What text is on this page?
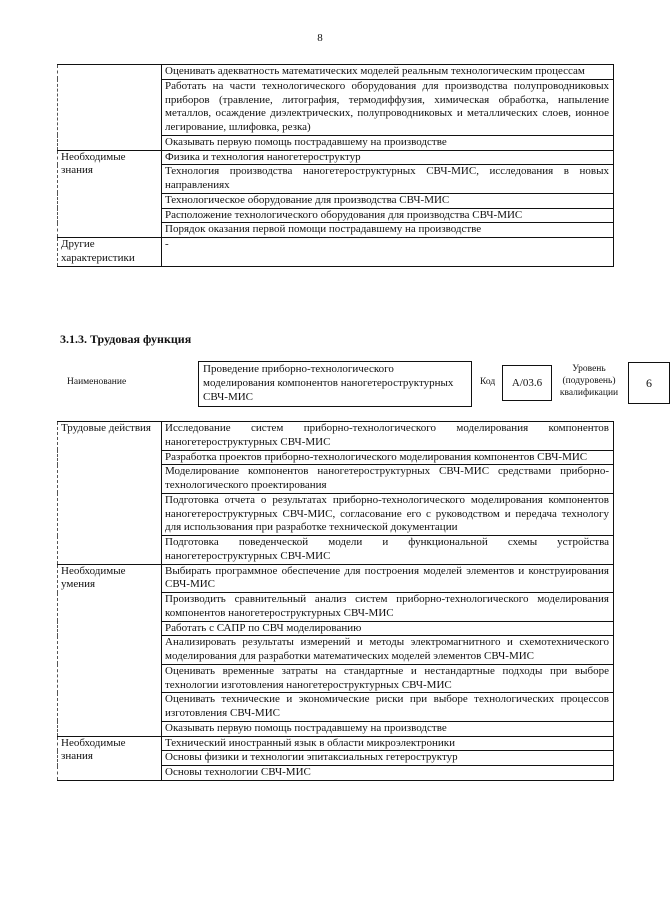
8
	Оценивать адекватность математических моделей реальным технологическим процессам
	Работать на части технологического оборудования для производства полупроводниковых приборов (травление, литография, термодиффузия, химическая обработка, напыление металлов, осаждение диэлектрических, полупроводниковых и металлических слоев, ионное легирование, шлифовка, резка)
	Оказывать первую помощь пострадавшему на производстве
Необходимые знания	Физика и технология наногетероструктур
	Технология производства наногетероструктурных СВЧ-МИС, исследования в новых направлениях
	Технологическое оборудование для производства СВЧ-МИС
	Расположение технологического оборудования для производства СВЧ-МИС
	Порядок оказания первой помощи пострадавшему на производстве
Другие характеристики	-
3.1.3. Трудовая функция
Наименование
Проведение приборно-технологического моделирования компонентов наногетероструктурных СВЧ-МИС
Код	A/03.6
Уровень (подуровень) квалификации
6
Трудовые действия	Исследование систем приборно-технологического моделирования компонентов наногетероструктурных СВЧ-МИС
	Разработка проектов приборно-технологического моделирования компонентов СВЧ-МИС
	Моделирование компонентов наногетероструктурных СВЧ-МИС средствами приборно-технологического проектирования
	Подготовка отчета о результатах приборно-технологического моделирования компонентов наногетероструктурных СВЧ-МИС, согласование его с руководством и передача технологу для использования при разработке технической документации
	Подготовка поведенческой модели и функциональной схемы устройства наногетероструктурных СВЧ-МИС
Необходимые умения	Выбирать программное обеспечение для построения моделей элементов и конструирования СВЧ-МИС
	Производить сравнительный анализ систем приборно-технологического моделирования компонентов наногетероструктурных СВЧ-МИС
	Работать с САПР по СВЧ моделированию
	Анализировать результаты измерений и методы электромагнитного и схемотехнического моделирования для разработки математических моделей элементов СВЧ-МИС
	Оценивать временные затраты на стандартные и нестандартные подходы при выборе технологии изготовления наногетероструктурных СВЧ-МИС
	Оценивать технические и экономические риски при выборе технологических процессов изготовления СВЧ-МИС
	Оказывать первую помощь пострадавшему на производстве
Необходимые знания	Технический иностранный язык в области микроэлектроники
	Основы физики и технологии эпитаксиальных гетероструктур
	Основы технологии СВЧ-МИС
